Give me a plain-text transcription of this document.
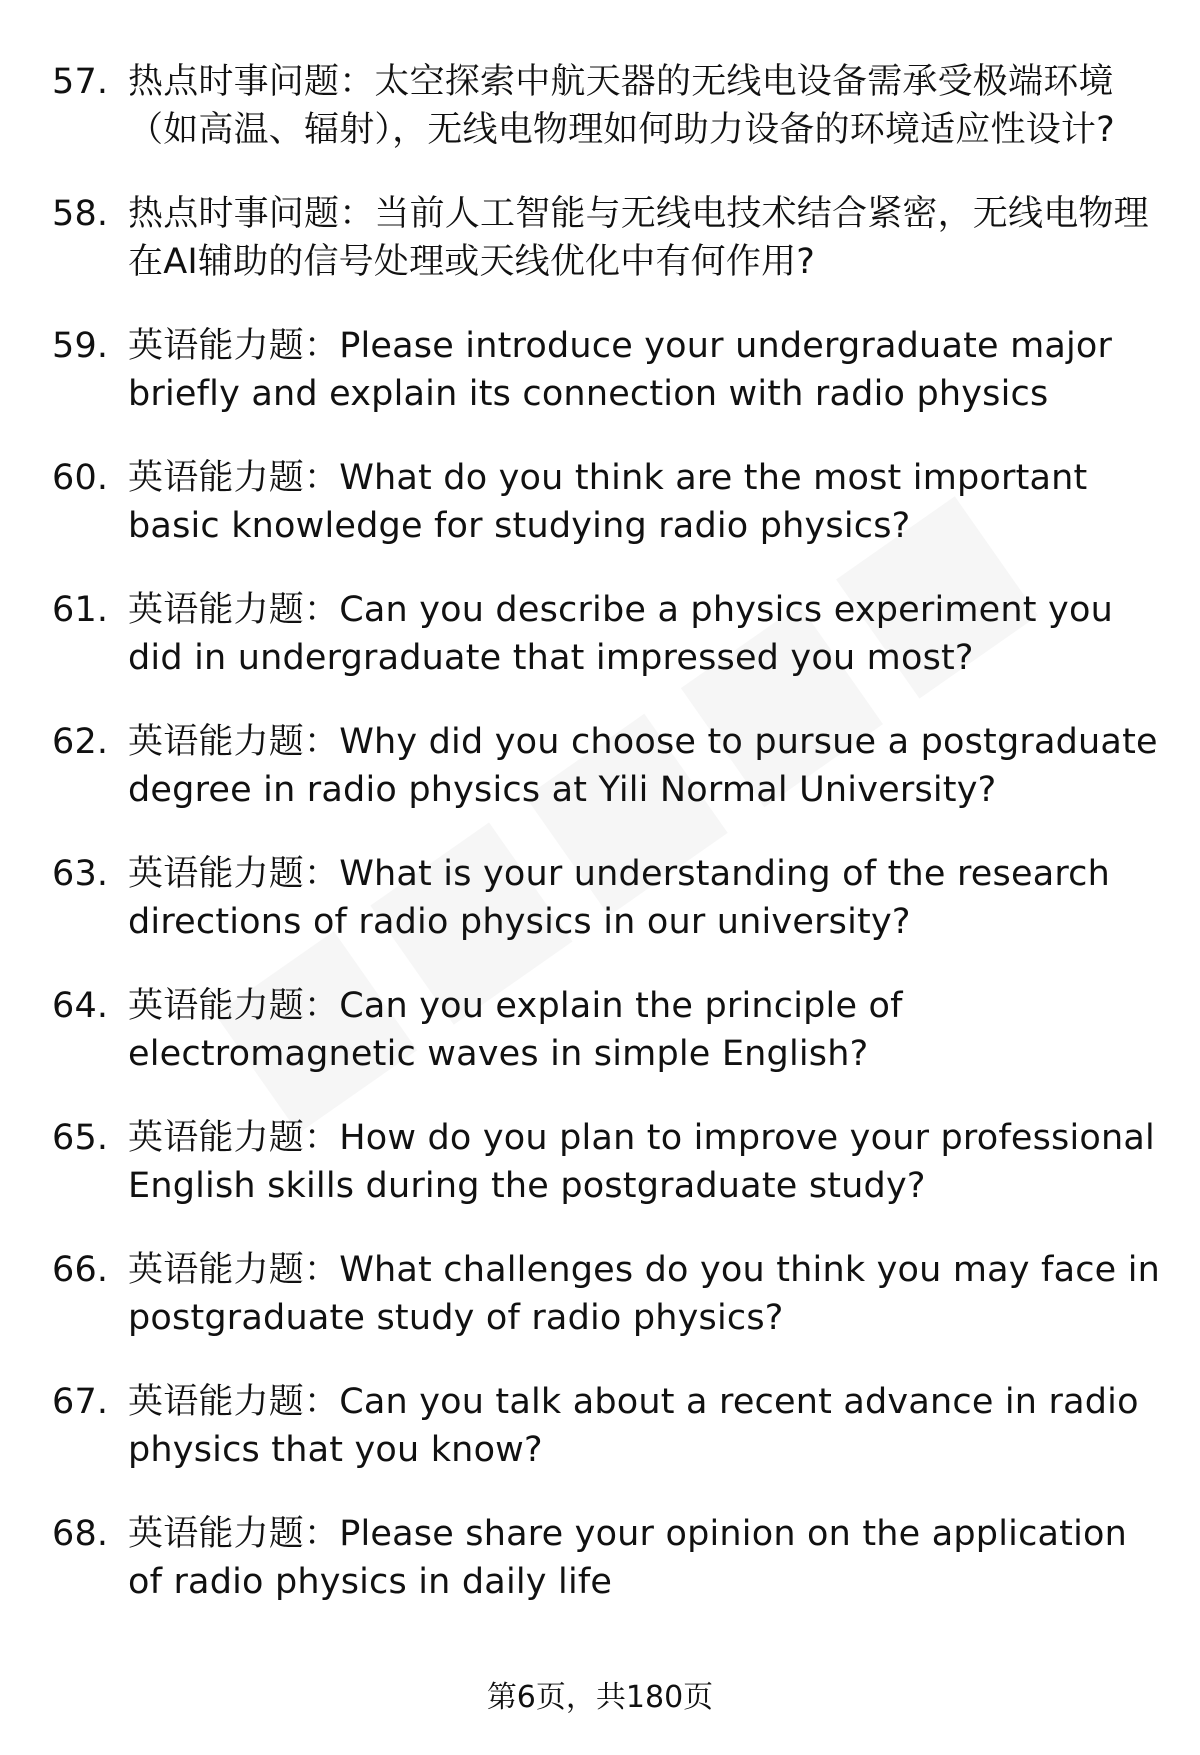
57. 热点时事问题：太空探索中航天器的无线电设备需承受极端环境（如高温、辐射），无线电物理如何助力设备的环境适应性设计?
58. 热点时事问题：当前人工智能与无线电技术结合紧密，无线电物理在AI辅助的信号处理或天线优化中有何作用?
59. 英语能力题：Please introduce your undergraduate major briefly and explain its connection with radio physics
60. 英语能力题：What do you think are the most important basic knowledge for studying radio physics?
61. 英语能力题：Can you describe a physics experiment you did in undergraduate that impressed you most?
62. 英语能力题：Why did you choose to pursue a postgraduate degree in radio physics at Yili Normal University?
63. 英语能力题：What is your understanding of the research directions of radio physics in our university?
64. 英语能力题：Can you explain the principle of electromagnetic waves in simple English?
65. 英语能力题：How do you plan to improve your professional English skills during the postgraduate study?
66. 英语能力题：What challenges do you think you may face in postgraduate study of radio physics?
67. 英语能力题：Can you talk about a recent advance in radio physics that you know?
68. 英语能力题：Please share your opinion on the application of radio physics in daily life
第6页，共180页
